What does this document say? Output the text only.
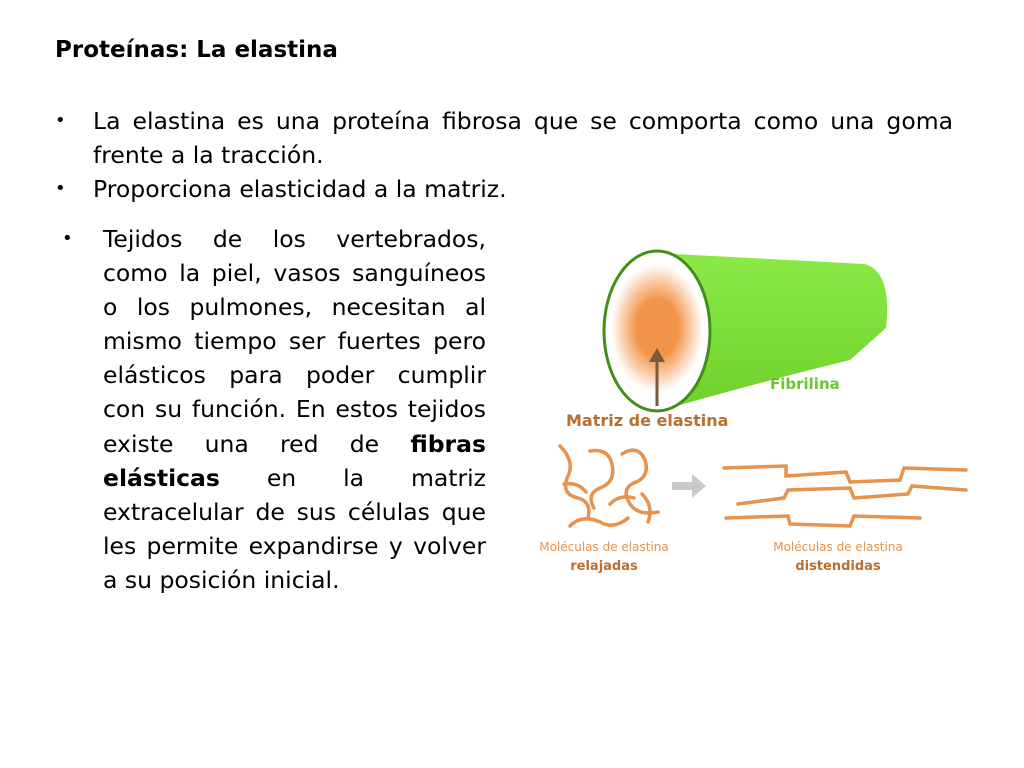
Proteínas: La elastina
• La elastina es una proteína fibrosa que se comporta como una goma frente a la tracción.
• Proporciona elasticidad a la matriz.
• Tejidos de los vertebrados, como la piel, vasos sanguíneos o los pulmones, necesitan al mismo tiempo ser fuertes pero elásticos para poder cumplir con su función. En estos tejidos existe una red de fibras elásticas en la matriz extracelular de sus células que les permite expandirse y volver a su posición inicial.
Fibrilina
Matriz de elastina
Moléculas de elastina
relajadas
Moléculas de elastina
distendidas
